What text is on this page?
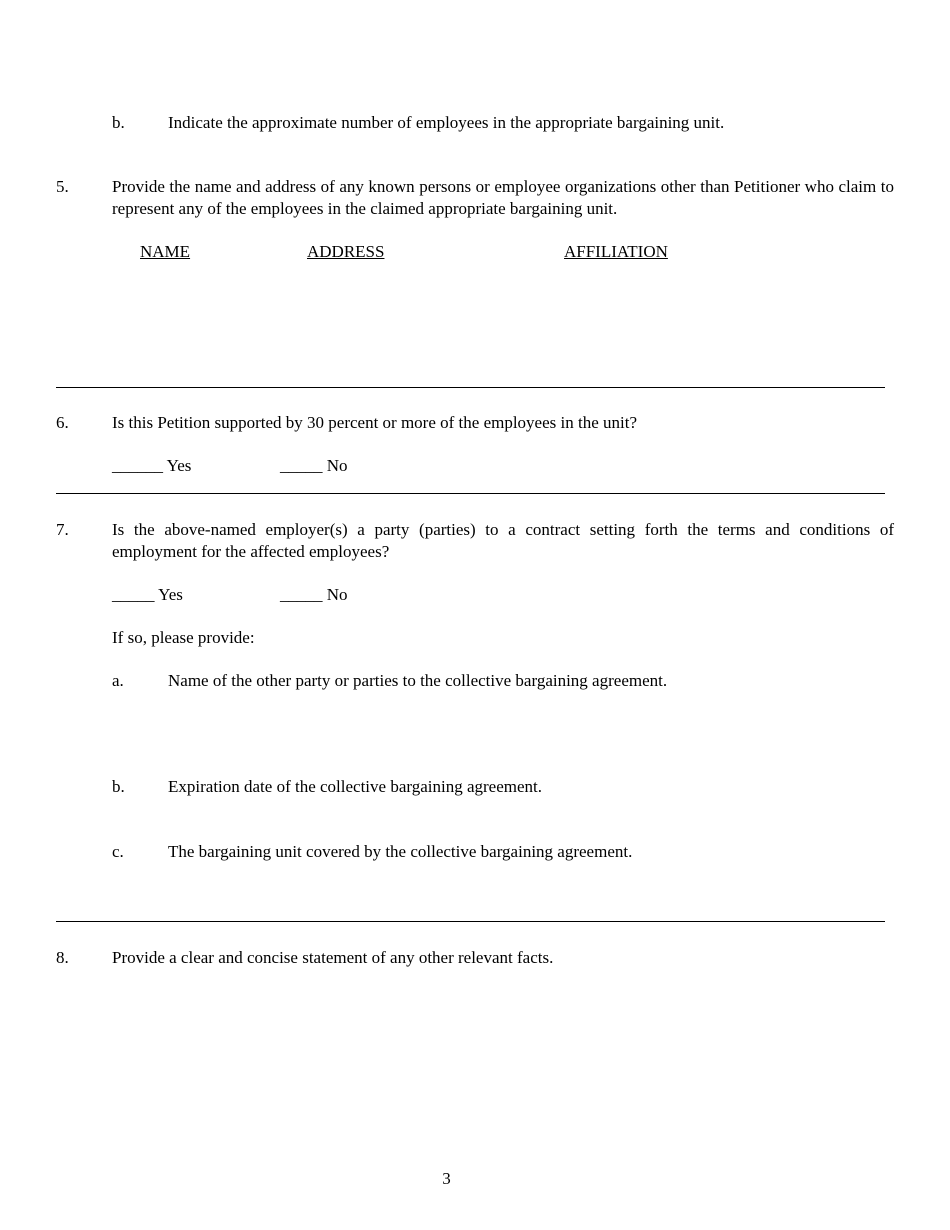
b.	Indicate the approximate number of employees in the appropriate bargaining unit.
5.	Provide the name and address of any known persons or employee organizations other than Petitioner who claim to represent any of the employees in the claimed appropriate bargaining unit.
NAME	ADDRESS	AFFILIATION
6.	Is this Petition supported by 30 percent or more of the employees in the unit?
______ Yes	_____ No
7.	Is the above-named employer(s) a party (parties) to a contract setting forth the terms and conditions of employment for the affected employees?
_____ Yes	_____ No
If so, please provide:
a.	Name of the other party or parties to the collective bargaining agreement.
b.	Expiration date of the collective bargaining agreement.
c.	The bargaining unit covered by the collective bargaining agreement.
8.	Provide a clear and concise statement of any other relevant facts.
3
